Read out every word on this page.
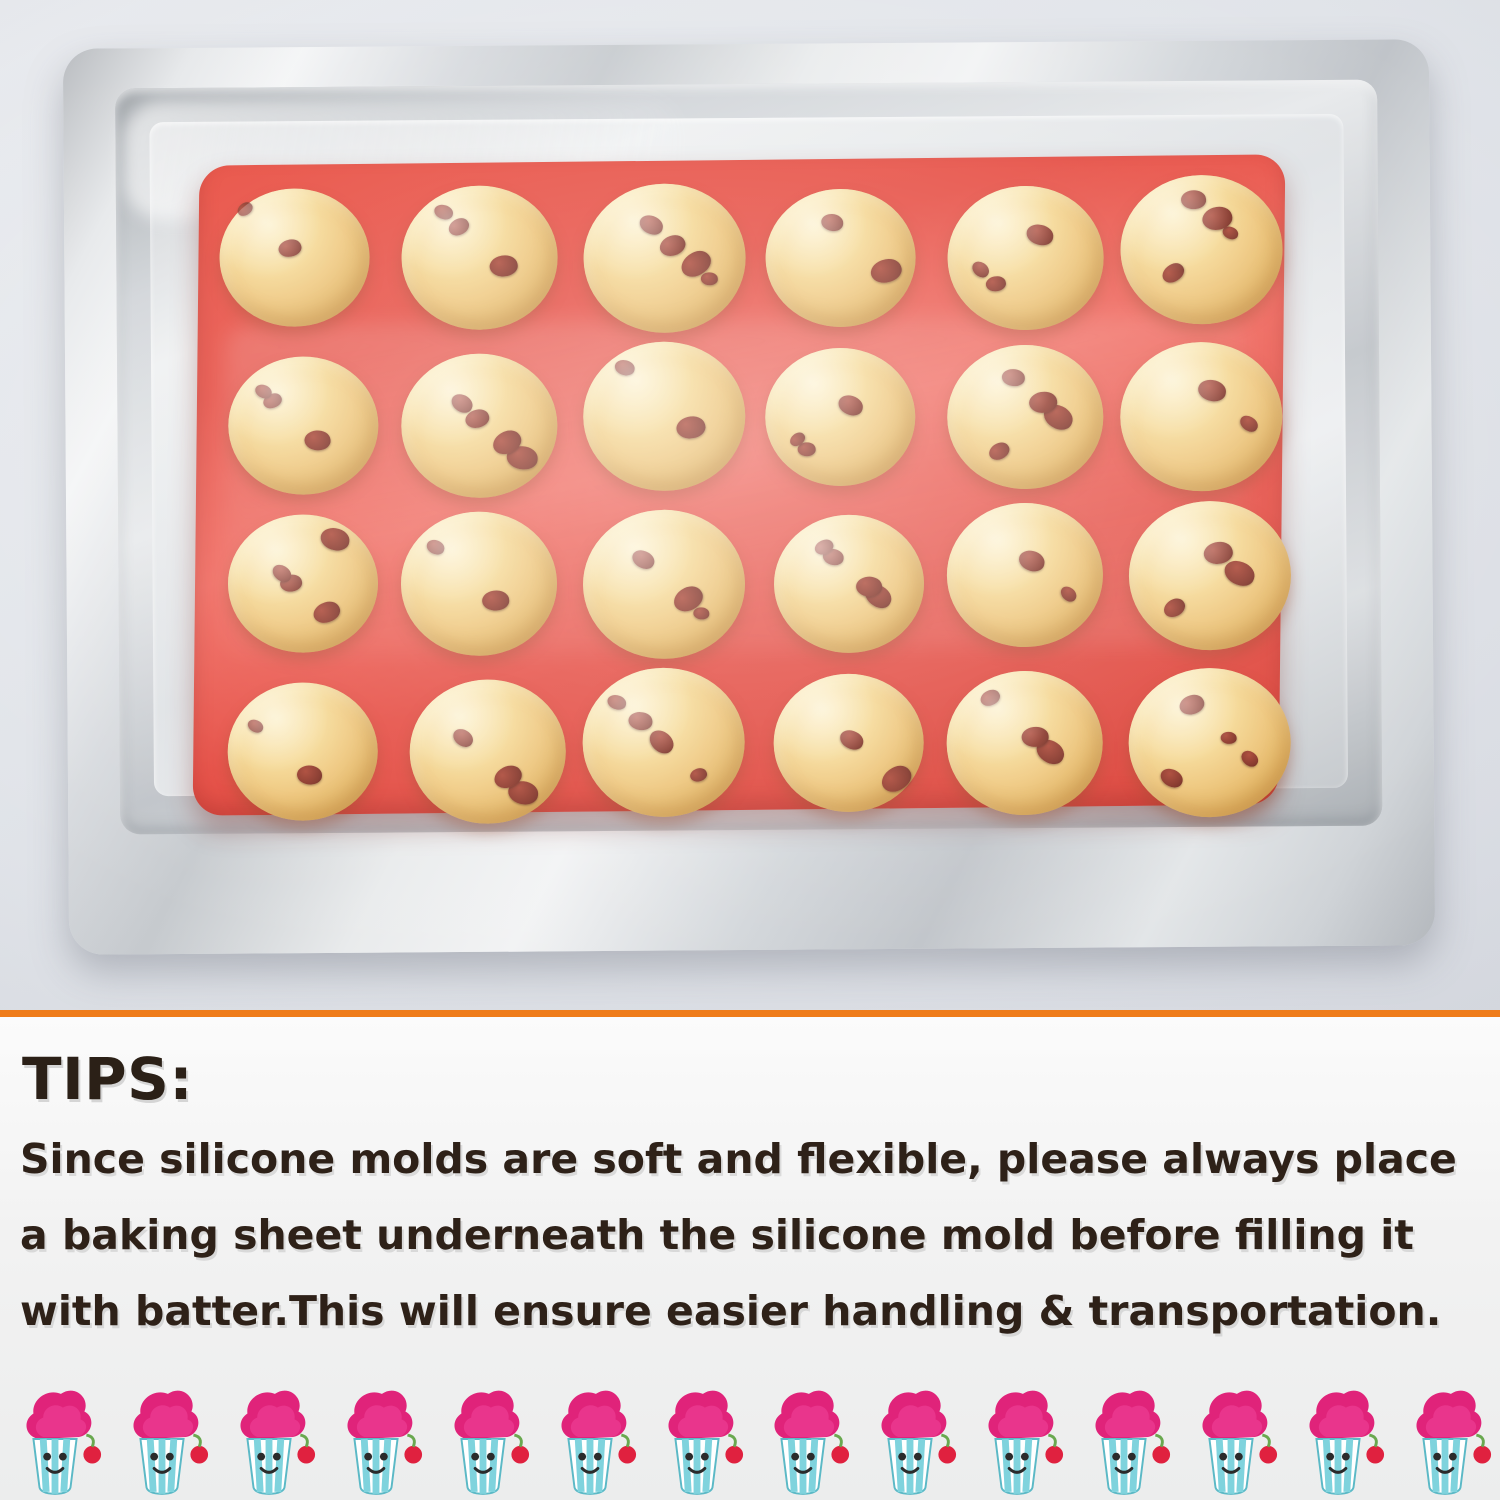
TIPS:
Since silicone molds are soft and flexible, please always place a baking sheet underneath the silicone mold before filling it with batter.This will ensure easier handling & transportation.
